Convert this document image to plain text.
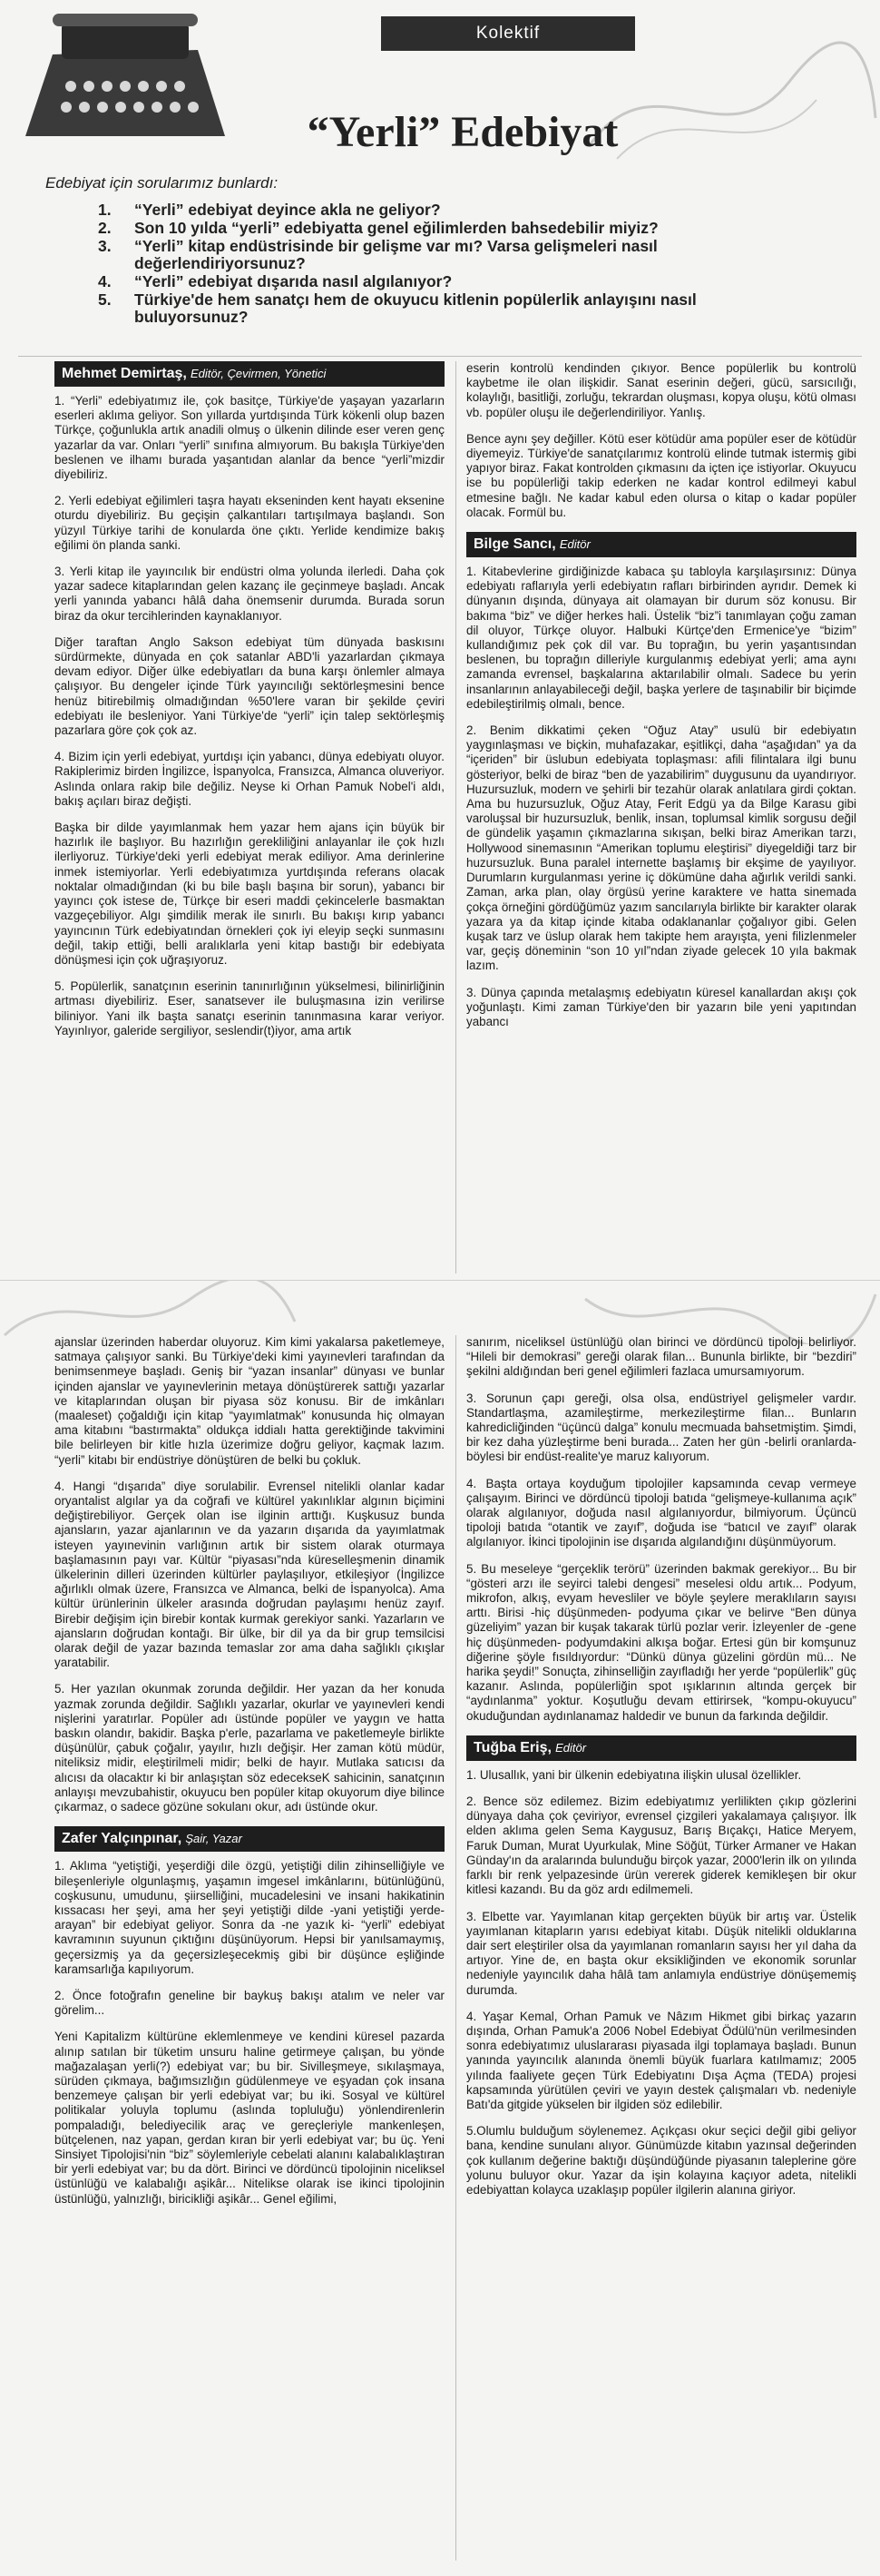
Kolektif
“Yerli” Edebiyat

Edebiyat için sorularımız bunlardı:

1.	“Yerli” edebiyat deyince akla ne geliyor?
2.	Son 10 yılda “yerli” edebiyatta genel eğilimlerden bahsedebilir miyiz?
3.	“Yerli” kitap endüstrisinde bir gelişme var mı? Varsa gelişmeleri nasıl değerlendiriyorsunuz?
4.	“Yerli” edebiyat dışarıda nasıl algılanıyor?
5.	Türkiye'de hem sanatçı hem de okuyucu kitlenin popülerlik anlayışını nasıl buluyorsunuz?
Mehmet Demirtaş, Editör, Çevirmen, Yönetici

1. “Yerli” edebiyatımız ile, çok basitçe, Türkiye'de yaşayan yazarların eserleri aklıma geliyor. Son yıllarda yurtdışında Türk kökenli olup bazen Türkçe, çoğunlukla artık anadili olmuş o ülkenin dilinde eser veren genç yazarlar da var. Onları “yerli” sınıfına almıyorum. Bu bakışla Türkiye'den beslenen ve ilhamı burada yaşantıdan alanlar da bence “yerli”mizdir diyebiliriz.

2. Yerli edebiyat eğilimleri taşra hayatı ekseninden kent hayatı eksenine oturdu diyebiliriz. Bu geçişin çalkantıları tartışılmaya başlandı. Son yüzyıl Türkiye tarihi de konularda öne çıktı. Yerlide kendimize bakış eğilimi ön planda sanki.

3. Yerli kitap ile yayıncılık bir endüstri olma yolunda ilerledi. Daha çok yazar sadece kitaplarından gelen kazanç ile geçinmeye başladı. Ancak yerli yanında yabancı hâlâ daha önemsenir durumda. Burada sorun biraz da okur tercihlerinden kaynaklanıyor.

Diğer taraftan Anglo Sakson edebiyat tüm dünyada baskısını sürdürmekte, dünyada en çok satanlar ABD'li yazarlardan çıkmaya devam ediyor. Diğer ülke edebiyatları da buna karşı önlemler almaya çalışıyor. Bu dengeler içinde Türk yayıncılığı sektörleşmesini bence henüz bitirebilmiş olmadığından %50'lere varan bir şekilde çeviri edebiyatı ile besleniyor. Yani Türkiye'de “yerli” için talep sektörleşmiş pazarlara göre çok çok az.

4. Bizim için yerli edebiyat, yurtdışı için yabancı, dünya edebiyatı oluyor. Rakiplerimiz birden İngilizce, İspanyolca, Fransızca, Almanca oluveriyor. Aslında onlara rakip bile değiliz. Neyse ki Orhan Pamuk Nobel'i aldı, bakış açıları biraz değişti.

Başka bir dilde yayımlanmak hem yazar hem ajans için büyük bir hazırlık ile başlıyor. Bu hazırlığın gerekliliğini anlayanlar ile çok hızlı ilerliyoruz. Türkiye'deki yerli edebiyat merak ediliyor. Ama derinlerine inmek istemiyorlar. Yerli edebiyatımıza yurtdışında referans olacak noktalar olmadığından (ki bu bile başlı başına bir sorun), yabancı bir yayıncı çok istese de, Türkçe bir eseri maddi çekincelerle basmaktan vazgeçebiliyor. Algı şimdilik merak ile sınırlı. Bu bakışı kırıp yabancı yayıncının Türk edebiyatından örnekleri çok iyi eleyip seçki sunmasını değil, takip ettiği, belli aralıklarla yeni kitap bastığı bir edebiyata dönüşmesi için çok uğraşıyoruz.

5. Popülerlik, sanatçının eserinin tanınırlığının yükselmesi, bilinirliğinin artması diyebiliriz. Eser, sanatsever ile buluşmasına izin verilirse biliniyor. Yani ilk başta sanatçı eserinin tanınmasına karar veriyor. Yayınlıyor, galeride sergiliyor, seslendir(t)iyor, ama artık

eserin kontrolü kendinden çıkıyor. Bence popülerlik bu kontrolü kaybetme ile olan ilişkidir. Sanat eserinin değeri, gücü, sarsıcılığı, kolaylığı, basitliği, zorluğu, tekrardan oluşması, kopya oluşu, kötü olması vb. popüler oluşu ile değerlendiriliyor. Yanlış.

Bence aynı şey değiller. Kötü eser kötüdür ama popüler eser de kötüdür diyemeyiz. Türkiye'de sanatçılarımız kontrolü elinde tutmak istermiş gibi yapıyor biraz. Fakat kontrolden çıkmasını da içten içe istiyorlar. Okuyucu ise bu popülerliği takip ederken ne kadar kontrol edilmeyi kabul etmesine bağlı. Ne kadar kabul eden olursa o kitap o kadar popüler olacak. Formül bu.

Bilge Sancı, Editör

1. Kitabevlerine girdiğinizde kabaca şu tabloyla karşılaşırsınız: Dünya edebiyatı raflarıyla yerli edebiyatın rafları birbirinden ayrıdır. Demek ki dünyanın dışında, dünyaya ait olamayan bir durum söz konusu. Bir bakıma “biz” ve diğer herkes hali. Üstelik “biz”i tanımlayan çoğu zaman dil oluyor, Türkçe oluyor. Halbuki Kürtçe'den Ermenice'ye “bizim” kullandığımız pek çok dil var. Bu toprağın, bu yerin yaşantısından beslenen, bu toprağın dilleriyle kurgulanmış edebiyat yerli; ama aynı zamanda evrensel, başkalarına aktarılabilir olmalı. Sadece bu yerin insanlarının anlayabileceği değil, başka yerlere de taşınabilir bir biçimde edebileştirilmiş olmalı, bence.

2. Benim dikkatimi çeken “Oğuz Atay” usulü bir edebiyatın yaygınlaşması ve biçkin, muhafazakar, eşitlikçi, daha “aşağıdan” ya da “içeriden” bir üslubun edebiyata toplaşması: afili filintalara ilgi bunu gösteriyor, belki de biraz “ben de yazabilirim” duygusunu da uyandırıyor. Huzursuzluk, modern ve şehirli bir tezahür olarak anlatılara girdi çoktan. Ama bu huzursuzluk, Oğuz Atay, Ferit Edgü ya da Bilge Karasu gibi varoluşsal bir huzursuzluk, benlik, insan, toplumsal kimlik sorgusu değil de gündelik yaşamın çıkmazlarına sıkışan, belki biraz Amerikan tarzı, Hollywood sinemasının “Amerikan toplumu eleştirisi” diyegeldiği tarz bir huzursuzluk. Buna paralel internette başlamış bir ekşime de yayılıyor. Durumların kurgulanması yerine iç dökümüne daha ağırlık verildi sanki. Zaman, arka plan, olay örgüsü yerine karaktere ve hatta sinemada çokça örneğini gördüğümüz yazım sancılarıyla birlikte bir karakter olarak yazara ya da kitap içinde kitaba odaklananlar çoğalıyor gibi. Gelen kuşak tarz ve üslup olarak hem takipte hem arayışta, yeni filizlenmeler var, geçiş döneminin “son 10 yıl”ndan ziyade gelecek 10 yıla bakmak lazım.

3. Dünya çapında metalaşmış edebiyatın küresel kanallardan akışı çok yoğunlaştı. Kimi zaman Türkiye'den bir yazarın bile yeni yapıtından yabancı

ajanslar üzerinden haberdar oluyoruz. Kim kimi yakalarsa paketlemeye, satmaya çalışıyor sanki. Bu Türkiye'deki kimi yayınevleri tarafından da benimsenmeye başladı. Geniş bir “yazan insanlar” dünyası ve bunlar içinden ajanslar ve yayınevlerinin metaya dönüştürerek sattığı yazarlar ve kitaplarından oluşan bir piyasa söz konusu. Bir de imkânları (maaleset) çoğaldığı için kitap “yayımlatmak” konusunda hiç olmayan ama kitabını “bastırmakta” oldukça iddialı hatta gerektiğinde takvimini bile belirleyen bir kitle hızla üzerimize doğru geliyor, kaçmak lazım. “yerli” kitabı bir endüstriye dönüştüren de belki bu çokluk.

4. Hangi “dışarıda” diye sorulabilir. Evrensel nitelikli olanlar kadar oryantalist algılar ya da coğrafi ve kültürel yakınlıklar algının biçimini değiştirebiliyor. Gerçek olan ise ilginin arttığı. Kuşkusuz bunda ajansların, yazar ajanlarının ve da yazarın dışarıda da yayımlatmak isteyen yayınevinin varlığının artık bir sistem olarak oturmaya başlamasının payı var. Kültür “piyasası”nda küreselleşmenin dinamik ülkelerinin dilleri üzerinden kültürler paylaşılıyor, etkileşiyor (İngilizce ağırlıklı olmak üzere, Fransızca ve Almanca, belki de İspanyolca). Ama kültür ürünlerinin ülkeler arasında doğrudan paylaşımı henüz zayıf. Birebir değişim için birebir kontak kurmak gerekiyor sanki. Yazarların ve ajansların doğrudan kontağı. Bir ülke, bir dil ya da bir grup temsilcisi olarak değil de yazar bazında temaslar zor ama daha sağlıklı çıkışlar yaratabilir.

5. Her yazılan okunmak zorunda değildir. Her yazan da her konuda yazmak zorunda değildir. Sağlıklı yazarlar, okurlar ve yayınevleri kendi nişlerini yaratırlar. Popüler adı üstünde popüler ve yaygın ve hatta baskın olandır, bakidir. Başka p'erle, pazarlama ve paketlemeyle birlikte düşünülür, çabuk çoğalır, yayılır, hızlı değişir. Her zaman kötü müdür, niteliksiz midir, eleştirilmeli midir; belki de hayır. Mutlaka satıcısı da alıcısı da olacaktır ki bir anlaşıştan söz edecekseK sahicinin, sanatçının anlayışı mevzubahistir, okuyucu ben popüler kitap okuyorum diye bilince çıkarmaz, o sadece gözüne sokulanı okur, adı üstünde okur.

Zafer Yalçınpınar, Şair, Yazar

1. Aklıma “yetiştiği, yeşerdiği dile özgü, yetiştiği dilin zihinselliğiyle ve bileşenleriyle olgunlaşmış, yaşamın imgesel imkânlarını, bütünlüğünü, coşkusunu, umudunu, şiirselliğini, mucadelesini ve insani hakikatinin kıssacası her şeyi, ama her şeyi yetiştiği dilde -yani yetiştiği yerde- arayan” bir edebiyat geliyor. Sonra da -ne yazık ki- “yerli” edebiyat kavramının suyunun çıktığını düşünüyorum. Hepsi bir yanılsamaymış, geçersizmiş ya da geçersizleşecekmiş gibi bir düşünce eşliğinde karamsarlığa kapılıyorum.

2. Önce fotoğrafın geneline bir baykuş bakışı atalım ve neler var görelim...

Yeni Kapitalizm kültürüne eklemlenmeye ve kendini küresel pazarda alınıp satılan bir tüketim unsuru haline getirmeye çalışan, bu yönde mağazalaşan yerli(?) edebiyat var; bu bir. Sivilleşmeye, sıkılaşmaya, sürüden çıkmaya, bağımsızlığın güdülenmeye ve eşyadan çok insana benzemeye çalışan bir yerli edebiyat var; bu iki. Sosyal ve kültürel politikalar yoluyla toplumu (aslında topluluğu) yönlendirenlerin pompaladığı, belediyecilik araç ve gereçleriyle mankenleşen, bütçelenen, naz yapan, gerdan kıran bir yerli edebiyat var; bu üç. Yeni Sinsiyet Tipolojisi'nin “biz” söylemleriyle cebelati alanını kalabalıklaştıran bir yerli edebiyat var; bu da dört. Birinci ve dördüncü tipolojinin niceliksel üstünlüğü ve kalabalığı aşikâr... Nitelikse olarak ise ikinci tipolojinin üstünlüğü, yalnızlığı, biricikliği aşikâr... Genel eğilimi,

sanırım, niceliksel üstünlüğü olan birinci ve dördüncü tipoloji belirliyor. “Hileli bir demokrasi” gereği olarak filan... Bununla birlikte, bir “bezdiri” şekilni aldığından beri genel eğilimleri fazlaca umursamıyorum.

3. Sorunun çapı gereği, olsa olsa, endüstriyel gelişmeler vardır. Standartlaşma, azamileştirme, merkezileştirme filan... Bunların kahredicliğinden “üçüncü dalga” konulu mecmuada bahsetmiştim. Şimdi, bir kez daha yüzleştirme beni burada... Zaten her gün -belirli oranlarda- böylesi bir endüst-realite'ye maruz kalıyorum.

4. Başta ortaya koyduğum tipolojiler kapsamında cevap vermeye çalışayım. Birinci ve dördüncü tipoloji batıda “gelişmeye-kullanıma açık” olarak algılanıyor, doğuda nasıl algılanıyordur, bilmiyorum. Üçüncü tipoloji batıda “otantik ve zayıf”, doğuda ise “batıcıl ve zayıf” olarak algılanıyor. İkinci tipolojinin ise dışarıda algılandığını düşünmüyorum.

5. Bu meseleye “gerçeklik terörü” üzerinden bakmak gerekiyor... Bu bir “gösteri arzı ile seyirci talebi dengesi” meselesi oldu artık... Podyum, mikrofon, alkış, evyam hevesliler ve böyle şeylere meraklıların sayısı arttı. Birisi -hiç düşünmeden- podyuma çıkar ve belirve “Ben dünya güzeliyim” yazan bir kuşak takarak türlü pozlar verir. İzleyenler de -gene hiç düşünmeden- podyumdakini alkışa boğar. Ertesi gün bir komşunuz diğerine şöyle fısıldıyordur: “Dünkü dünya güzelini gördün mü... Ne harika şeydi!” Sonuçta, zihinselliğin zayıfladığı her yerde “popülerlik” güç kazanır. Aslında, popülerliğin spot ışıklarının altında gerçek bir “aydınlanma” yoktur. Koşutluğu devam ettirirsek, “kompu-okuyucu” okuduğundan aydınlanamaz haldedir ve bunun da farkında değildir.

Tuğba Eriş, Editör

1. Ulusallık, yani bir ülkenin edebiyatına ilişkin ulusal özellikler.

2. Bence söz edilemez. Bizim edebiyatımız yerlilikten çıkıp gözlerini dünyaya daha çok çeviriyor, evrensel çizgileri yakalamaya çalışıyor. İlk elden aklıma gelen Sema Kaygusuz, Barış Bıçakçı, Hatice Meryem, Faruk Duman, Murat Uyurkulak, Mine Söğüt, Türker Armaner ve Hakan Günday'ın da aralarında bulunduğu birçok yazar, 2000'lerin ilk on yılında farklı bir renk yelpazesinde ürün vererek giderek kemikleşen bir okur kitlesi kazandı. Bu da göz ardı edilmemeli.

3. Elbette var. Yayımlanan kitap gerçekten büyük bir artış var. Üstelik yayımlanan kitapların yarısı edebiyat kitabı. Düşük nitelikli olduklarına dair sert eleştiriler olsa da yayımlanan romanların sayısı her yıl daha da artıyor. Yine de, en başta okur eksikliğinden ve ekonomik sorunlar nedeniyle yayıncılık daha hâlâ tam anlamıyla endüstriye dönüşememiş durumda.

4. Yaşar Kemal, Orhan Pamuk ve Nâzım Hikmet gibi birkaç yazarın dışında, Orhan Pamuk'a 2006 Nobel Edebiyat Ödülü'nün verilmesinden sonra edebiyatımız uluslararası piyasada ilgi toplamaya başladı. Bunun yanında yayıncılık alanında önemli büyük fuarlara katılmamız; 2005 yılında faaliyete geçen Türk Edebiyatını Dışa Açma (TEDA) projesi kapsamında yürütülen çeviri ve yayın destek çalışmaları vb. nedeniyle Batı'da gitgide yükselen bir ilgiden söz edilebilir.

5.Olumlu bulduğum söylenemez. Açıkçası okur seçici değil gibi geliyor bana, kendine sunulanı alıyor. Günümüzde kitabın yazınsal değerinden çok kullanım değerine baktığı düşündüğünde piyasanın taleplerine göre yolunu buluyor okur. Yazar da işin kolayına kaçıyor adeta, nitelikli edebiyattan kolayca uzaklaşıp popüler ilgilerin alanına giriyor.
